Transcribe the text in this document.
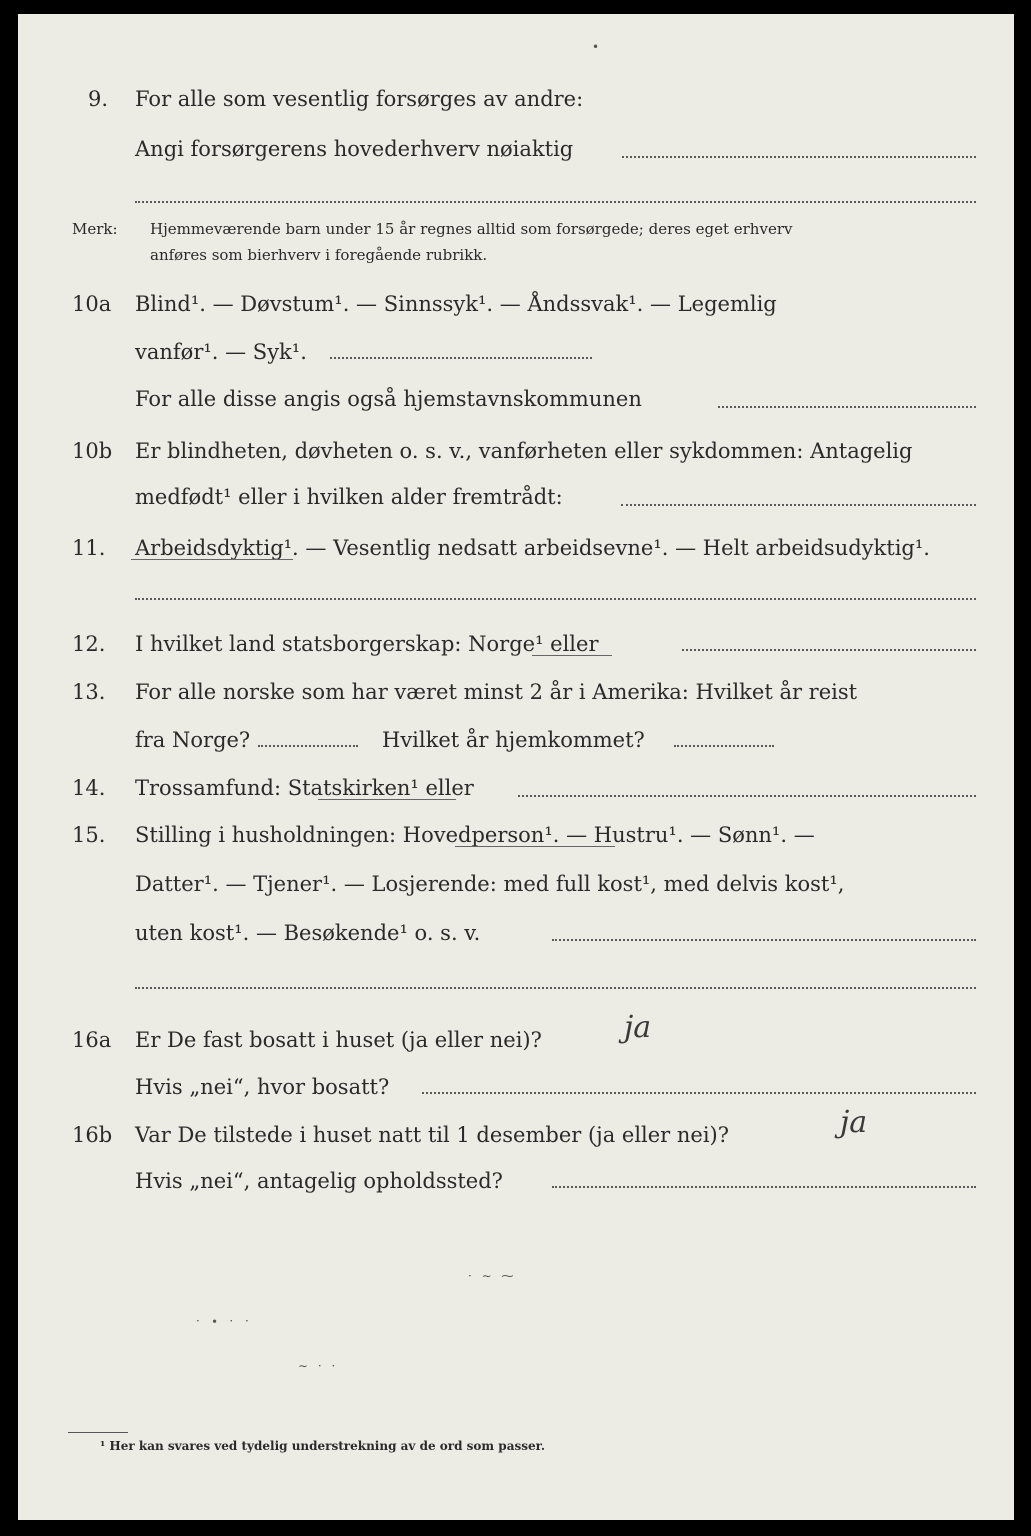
•
9. For alle som vesentlig forsørges av andre:
Angi forsørgerens hovederhverv nøiaktig
Merk: Hjemmeværende barn under 15 år regnes alltid som forsørgede; deres eget erhverv
anføres som bierhverv i foregående rubrikk.
10a Blind¹. — Døvstum¹. — Sinnssyk¹. — Åndssvak¹. — Legemlig
vanfør¹. — Syk¹.
For alle disse angis også hjemstavnskommunen
10b Er blindheten, døvheten o. s. v., vanførheten eller sykdommen: Antagelig
medfødt¹ eller i hvilken alder fremtrådt:
11. Arbeidsdyktig¹. — Vesentlig nedsatt arbeidsevne¹. — Helt arbeidsudyktig¹.
12. I hvilket land statsborgerskap: Norge¹ eller
13. For alle norske som har været minst 2 år i Amerika: Hvilket år reist
fra Norge?	Hvilket år hjemkommet?
14. Trossamfund: Statskirken¹ eller
15. Stilling i husholdningen: Hovedperson¹. — Hustru¹. — Sønn¹. —
Datter¹. — Tjener¹. — Losjerende: med full kost¹, med delvis kost¹,
uten kost¹. — Besøkende¹ o. s. v.
16a Er De fast bosatt i huset (ja eller nei)?	ja
Hvis „nei“, hvor bosatt?
16b Var De tilstede i huset natt til 1 desember (ja eller nei)?	ja
Hvis „nei“, antagelig opholdssted?
· ∼ ⁓
· ∙ · ·
∼ · ·
¹ Her kan svares ved tydelig understrekning av de ord som passer.
